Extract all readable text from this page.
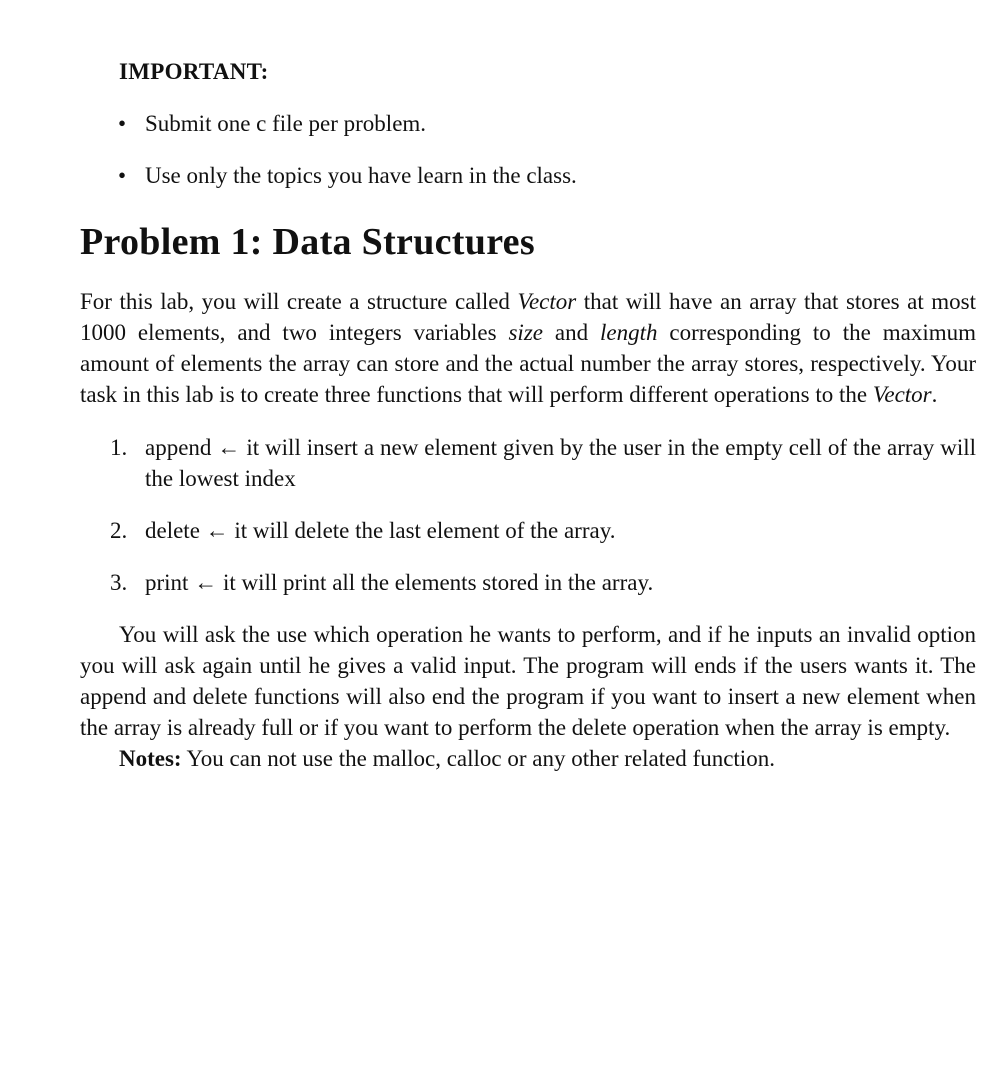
IMPORTANT:
• Submit one c file per problem.
• Use only the topics you have learn in the class.
Problem 1: Data Structures

For this lab, you will create a structure called Vector that will have an array that stores at most 1000 elements, and two integers variables size and length corresponding to the maximum amount of elements the array can store and the actual number the array stores, respectively. Your task in this lab is to create three functions that will perform different operations to the Vector.

1. append ← it will insert a new element given by the user in the empty cell of the array will the lowest index
2. delete ← it will delete the last element of the array.
3. print ← it will print all the elements stored in the array.

You will ask the use which operation he wants to perform, and if he inputs an invalid option you will ask again until he gives a valid input. The program will ends if the users wants it. The append and delete functions will also end the program if you want to insert a new element when the array is already full or if you want to perform the delete operation when the array is empty.

Notes: You can not use the malloc, calloc or any other related function.
